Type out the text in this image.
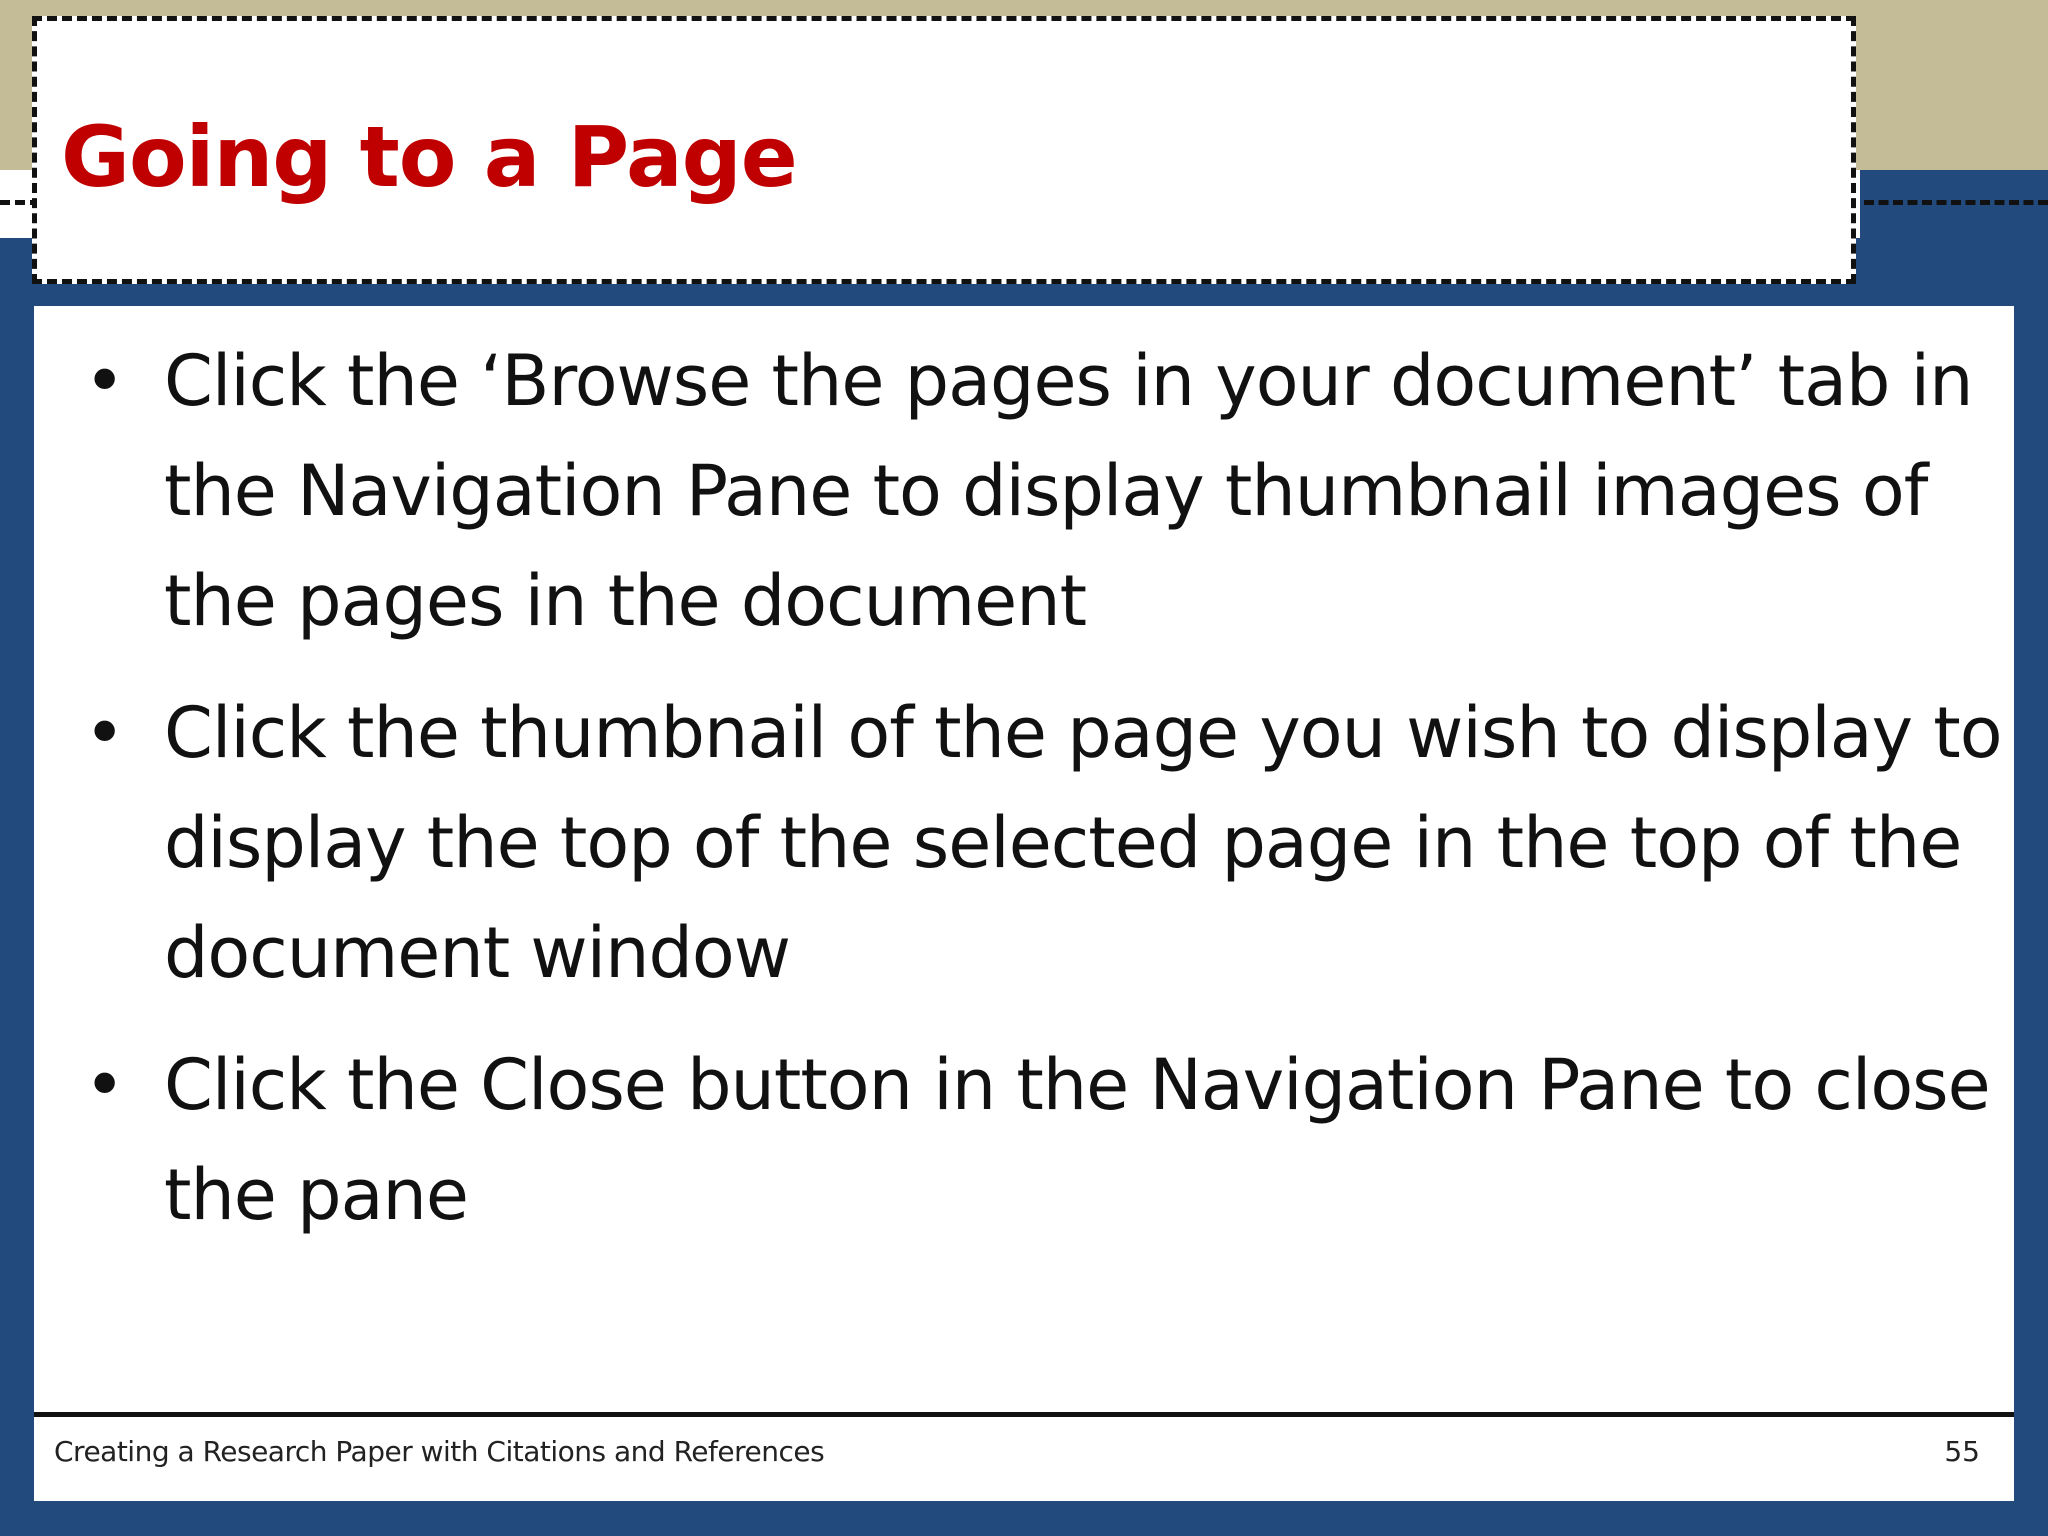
Going to a Page
• Click the ‘Browse the pages in your document’ tab in the Navigation Pane to display thumbnail images of the pages in the document
• Click the thumbnail of the page you wish to display to display the top of the selected page in the top of the document window
• Click the Close button in the Navigation Pane to close the pane
Creating a Research Paper with Citations and References	55
